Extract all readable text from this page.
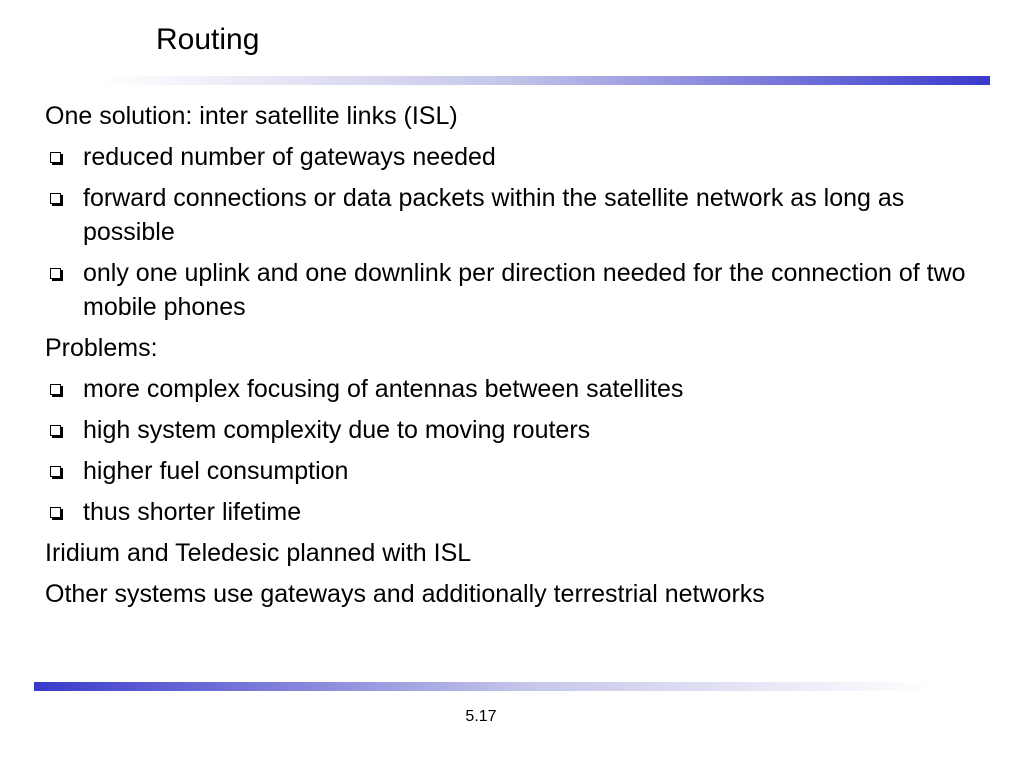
Routing

One solution: inter satellite links (ISL)

reduced number of gateways needed
forward connections or data packets within the satellite network as long as possible
only one uplink and one downlink per direction needed for the connection of two mobile phones

Problems:

more complex focusing of antennas between satellites
high system complexity due to moving routers
higher fuel consumption
thus shorter lifetime

Iridium and Teledesic planned with ISL

Other systems use gateways and additionally terrestrial networks

5.17
